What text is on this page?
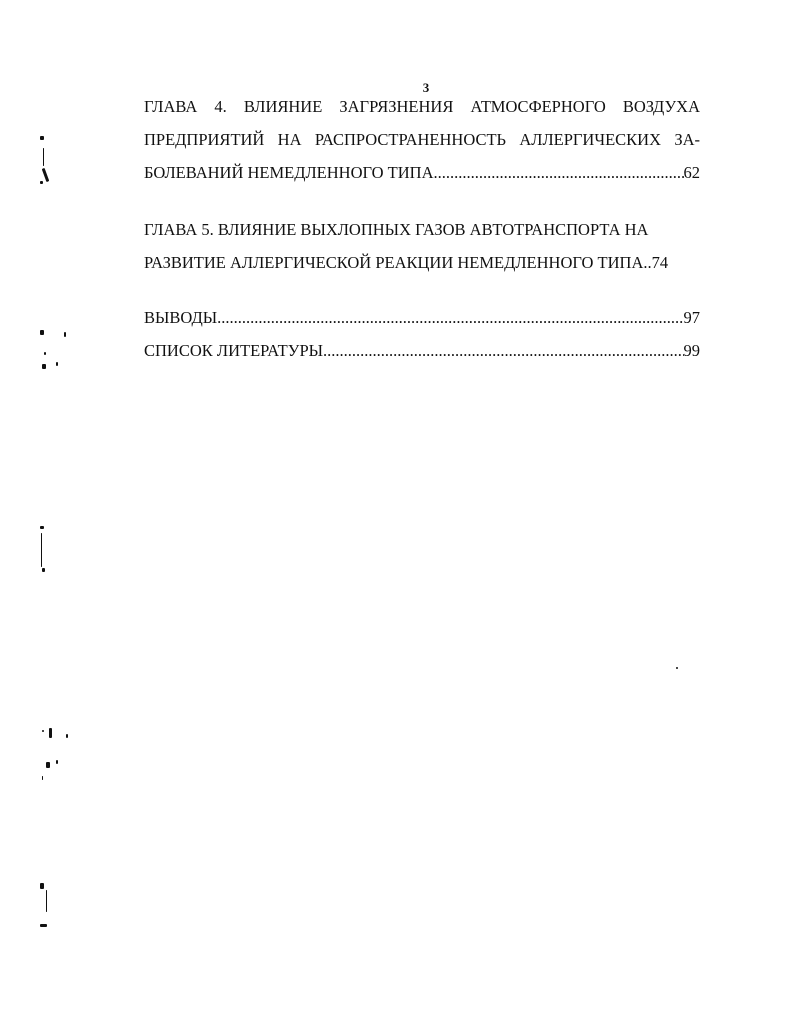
3
ГЛАВА 4. ВЛИЯНИЕ ЗАГРЯЗНЕНИЯ АТМОСФЕРНОГО ВОЗДУХА
ПРЕДПРИЯТИЙ НА РАСПРОСТРАНЕННОСТЬ АЛЛЕРГИЧЕСКИХ ЗА-
БОЛЕВАНИЙ НЕМЕДЛЕННОГО ТИПА .....	62
ГЛАВА 5. ВЛИЯНИЕ ВЫХЛОПНЫХ ГАЗОВ АВТОТРАНСПОРТА НА
РАЗВИТИЕ АЛЛЕРГИЧЕСКОЙ РЕАКЦИИ НЕМЕДЛЕННОГО ТИПА..74
ВЫВОДЫ .....	97
СПИСОК ЛИТЕРАТУРЫ .....	99
